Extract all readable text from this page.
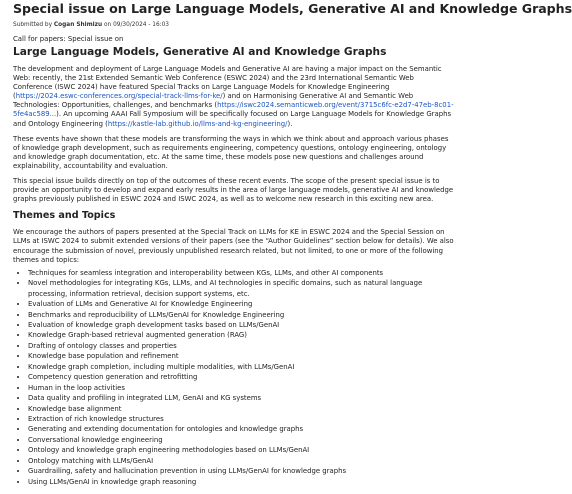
Special issue on Large Language Models, Generative AI and Knowledge Graphs
Submitted by Cogan Shimizu on 09/30/2024 - 16:03
Call for papers: Special issue on
Large Language Models, Generative AI and Knowledge Graphs

The development and deployment of Large Language Models and Generative AI are having a major impact on the Semantic Web: recently, the 21st Extended Semantic Web Conference (ESWC 2024) and the 23rd International Semantic Web Conference (ISWC 2024) have featured Special Tracks on Large Language Models for Knowledge Engineering (https://2024.eswc-conferences.org/special-track-llms-for-ke/) and on Harmonising Generative AI and Semantic Web Technologies: Opportunities, challenges, and benchmarks (https://iswc2024.semanticweb.org/event/3715c6fc-e2d7-47eb-8c01-5fe4ac589...). An upcoming AAAI Fall Symposium will be specifically focused on Large Language Models for Knowledge Graphs and Ontology Engineering (https://kastle-lab.github.io/llms-and-kg-engineering/).

These events have shown that these models are transforming the ways in which we think about and approach various phases of knowledge graph development, such as requirements engineering, competency questions, ontology engineering, ontology and knowledge graph documentation, etc. At the same time, these models pose new questions and challenges around explainability, accountability and evaluation.

This special issue builds directly on top of the outcomes of these recent events. The scope of the present special issue is to provide an opportunity to develop and expand early results in the area of large language models, generative AI and knowledge graphs previously published in ESWC 2024 and ISWC 2024, as well as to welcome new research in this exciting new area.

Themes and Topics

We encourage the authors of papers presented at the Special Track on LLMs for KE in ESWC 2024 and the Special Session on LLMs at ISWC 2024 to submit extended versions of their papers (see the “Author Guidelines” section below for details). We also encourage the submission of novel, previously unpublished research related, but not limited, to one or more of the following themes and topics:

• Techniques for seamless integration and interoperability between KGs, LLMs, and other AI components
• Novel methodologies for integrating KGs, LLMs, and AI technologies in specific domains, such as natural language processing, information retrieval, decision support systems, etc.
• Evaluation of LLMs and Generative AI for Knowledge Engineering
• Benchmarks and reproducibility of LLMs/GenAI for Knowledge Engineering
• Evaluation of knowledge graph development tasks based on LLMs/GenAI
• Knowledge Graph-based retrieval augmented generation (RAG)
• Drafting of ontology classes and properties
• Knowledge base population and refinement
• Knowledge graph completion, including multiple modalities, with LLMs/GenAI
• Competency question generation and retrofitting
• Human in the loop activities
• Data quality and profiling in integrated LLM, GenAI and KG systems
• Knowledge base alignment
• Extraction of rich knowledge structures
• Generating and extending documentation for ontologies and knowledge graphs
• Conversational knowledge engineering
• Ontology and knowledge graph engineering methodologies based on LLMs/GenAI
• Ontology matching with LLMs/GenAI
• Guardrailing, safety and hallucination prevention in using LLMs/GenAI for knowledge graphs
• Using LLMs/GenAI in knowledge graph reasoning
